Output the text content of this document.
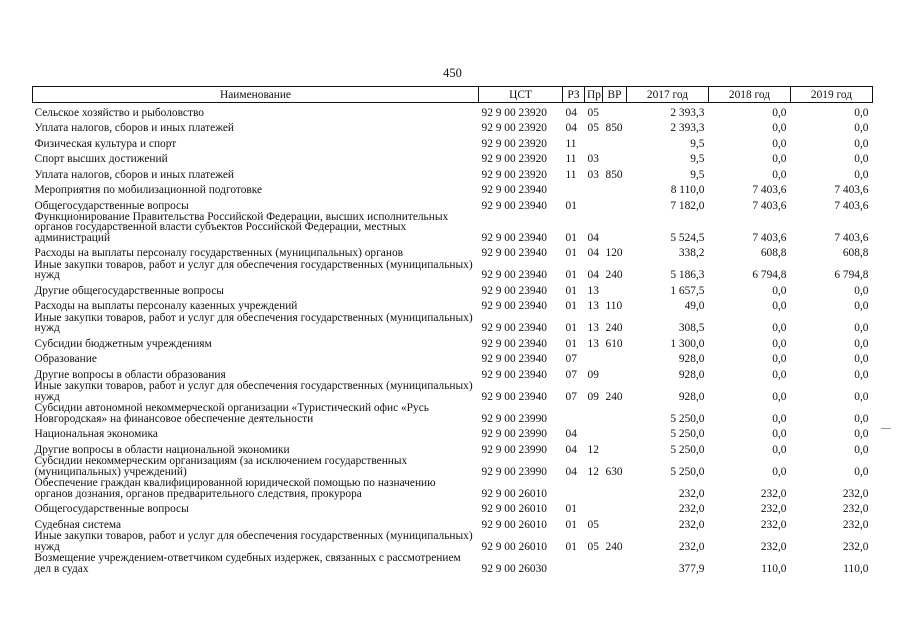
450
Наименование	ЦСТ	РЗ	Пр	ВР	2017 год	2018 год	2019 год
Сельское хозяйство и рыболовство	92 9 00 23920	04	05		2 393,3	0,0	0,0
Уплата налогов, сборов и иных платежей	92 9 00 23920	04	05	850	2 393,3	0,0	0,0
Физическая культура и спорт	92 9 00 23920	11			9,5	0,0	0,0
Спорт высших достижений	92 9 00 23920	11	03		9,5	0,0	0,0
Уплата налогов, сборов и иных платежей	92 9 00 23920	11	03	850	9,5	0,0	0,0
Мероприятия по мобилизационной подготовке	92 9 00 23940				8 110,0	7 403,6	7 403,6
Общегосударственные вопросы	92 9 00 23940	01			7 182,0	7 403,6	7 403,6
Функционирование Правительства Российской Федерации, высших исполнительных органов государственной власти субъектов Российской Федерации, местных администраций	92 9 00 23940	01	04		5 524,5	7 403,6	7 403,6
Расходы на выплаты персоналу государственных (муниципальных) органов	92 9 00 23940	01	04	120	338,2	608,8	608,8
Иные закупки товаров, работ и услуг для обеспечения государственных (муниципальных) нужд	92 9 00 23940	01	04	240	5 186,3	6 794,8	6 794,8
Другие общегосударственные вопросы	92 9 00 23940	01	13		1 657,5	0,0	0,0
Расходы на выплаты персоналу казенных учреждений	92 9 00 23940	01	13	110	49,0	0,0	0,0
Иные закупки товаров, работ и услуг для обеспечения государственных (муниципальных) нужд	92 9 00 23940	01	13	240	308,5	0,0	0,0
Субсидии бюджетным учреждениям	92 9 00 23940	01	13	610	1 300,0	0,0	0,0
Образование	92 9 00 23940	07			928,0	0,0	0,0
Другие вопросы в области образования	92 9 00 23940	07	09		928,0	0,0	0,0
Иные закупки товаров, работ и услуг для обеспечения государственных (муниципальных) нужд	92 9 00 23940	07	09	240	928,0	0,0	0,0
Субсидии автономной некоммерческой организации «Туристический офис «Русь Новгородская» на финансовое обеспечение деятельности	92 9 00 23990				5 250,0	0,0	0,0
Национальная экономика	92 9 00 23990	04			5 250,0	0,0	0,0
Другие вопросы в области национальной экономики	92 9 00 23990	04	12		5 250,0	0,0	0,0
Субсидии некоммерческим организациям (за исключением государственных (муниципальных) учреждений)	92 9 00 23990	04	12	630	5 250,0	0,0	0,0
Обеспечение граждан квалифицированной юридической помощью по назначению органов дознания, органов предварительного следствия, прокурора	92 9 00 26010				232,0	232,0	232,0
Общегосударственные вопросы	92 9 00 26010	01			232,0	232,0	232,0
Судебная система	92 9 00 26010	01	05		232,0	232,0	232,0
Иные закупки товаров, работ и услуг для обеспечения государственных (муниципальных) нужд	92 9 00 26010	01	05	240	232,0	232,0	232,0
Возмещение учреждением-ответчиком судебных издержек, связанных с рассмотрением дел в судах	92 9 00 26030				377,9	110,0	110,0
